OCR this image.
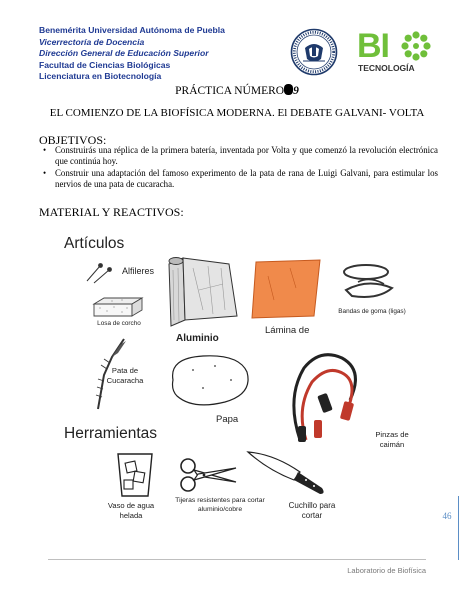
Benemérita Universidad Autónoma de Puebla
Vicerrectoría de Docencia
Dirección General de Educación Superior
Facultad de Ciencias Biológicas
Licenciatura en Biotecnología
BI
TECNOLOGÍA
PRÁCTICA NÚMERO 9
EL COMIENZO DE LA BIOFÍSICA MODERNA. El DEBATE GALVANI- VOLTA
OBJETIVOS:
• Construirás una réplica de la primera batería, inventada por Volta y que comenzó la revolución electrónica que continúa hoy.
• Construir una adaptación del famoso experimento de la pata de rana de Luigi Galvani, para estimular los nervios de una pata de cucaracha.
MATERIAL Y REACTIVOS:
Artículos
Alfileres
Losa de corcho
Aluminio
Lámina de
Bandas de goma (ligas)
Pata de
Cucaracha
Papa
Pinzas de
caimán
Herramientas
Vaso de agua
helada
Tijeras resistentes para cortar
aluminio/cobre	Cuchillo para
cortar	46
Laboratorio de Biofísica
